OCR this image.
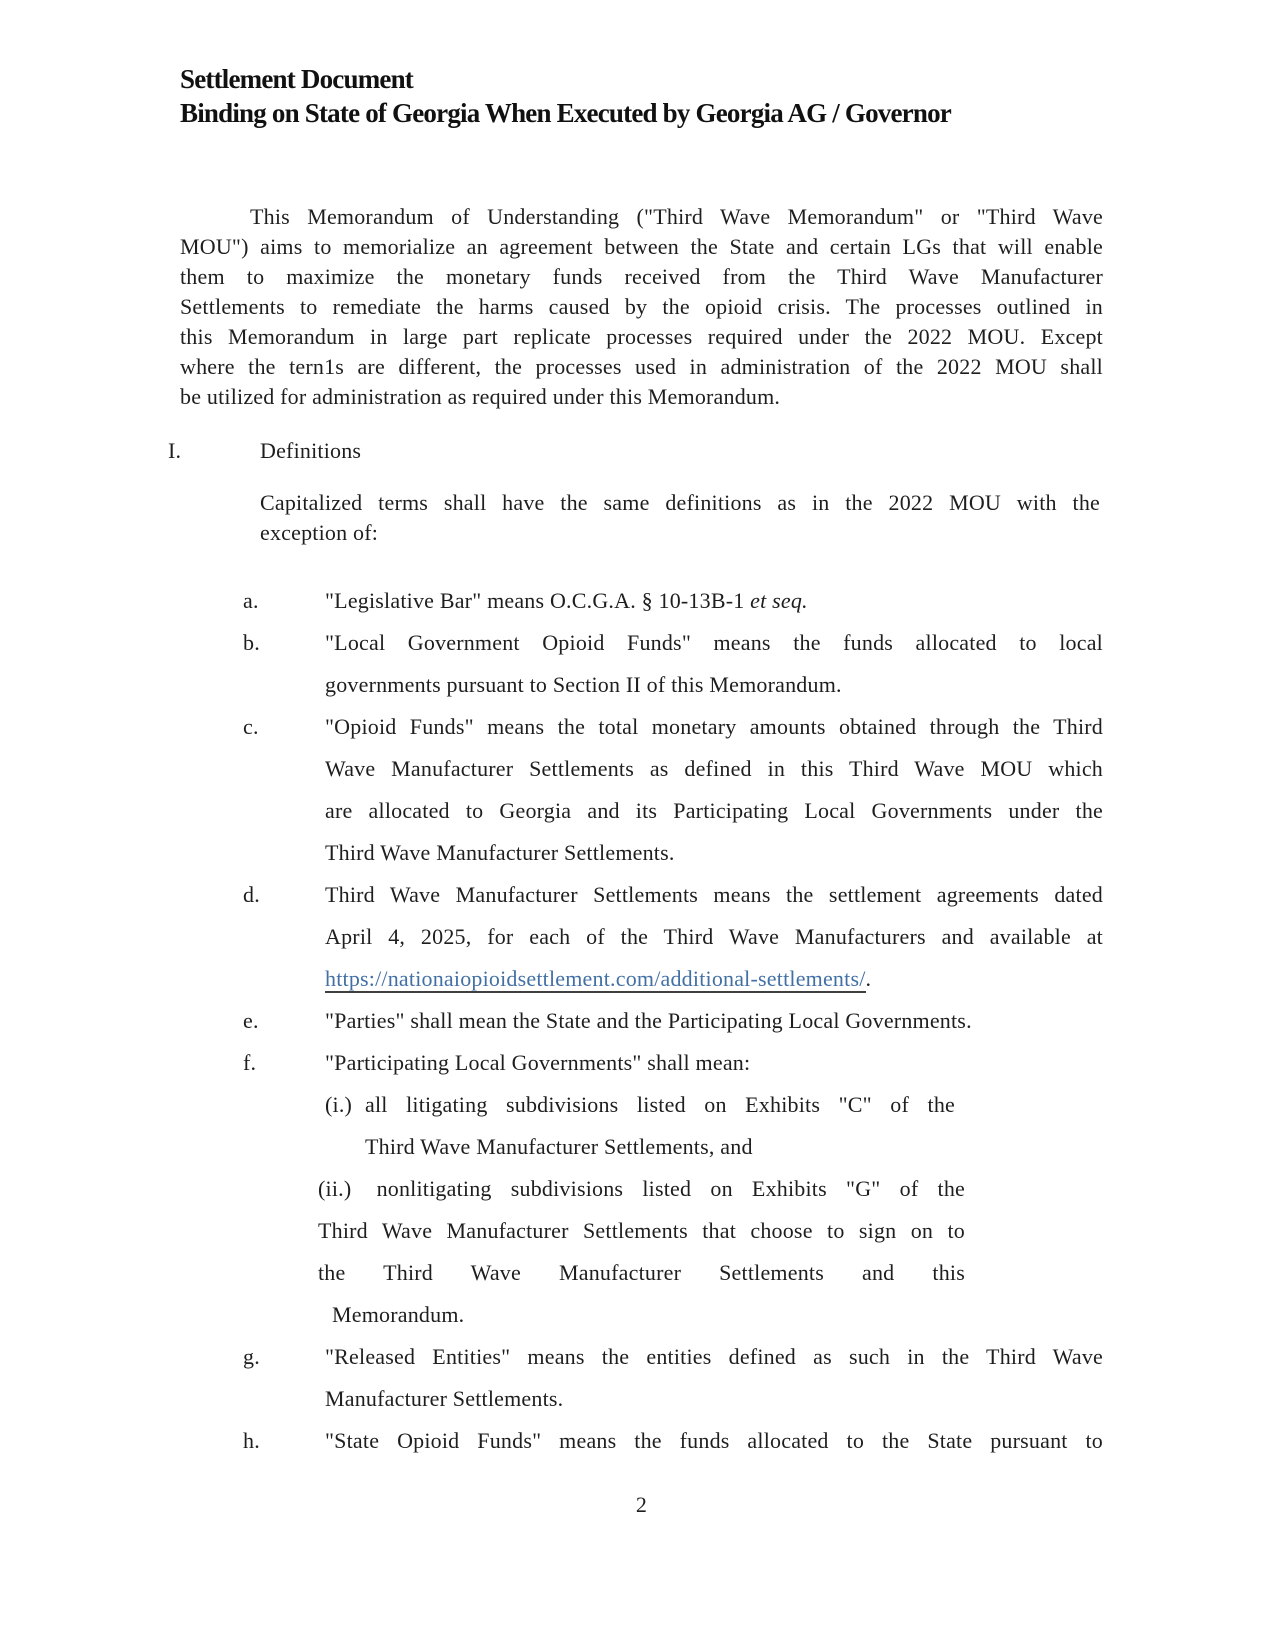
Settlement Document
Binding on State of Georgia When Executed by Georgia AG / Governor
This Memorandum of Understanding ("Third Wave Memorandum" or "Third Wave
MOU") aims to memorialize an agreement between the State and certain LGs that will enable
them to maximize the monetary funds received from the Third Wave Manufacturer
Settlements to remediate the harms caused by the opioid crisis. The processes outlined in
this Memorandum in large part replicate processes required under the 2022 MOU. Except
where the tern1s are different, the processes used in administration of the 2022 MOU shall
be utilized for administration as required under this Memorandum.
I.	Definitions
Capitalized terms shall have the same definitions as in the 2022 MOU with the
exception of:
a.	"Legislative Bar" means O.C.G.A. § 10-13B-1 et seq.
b.	"Local Government Opioid Funds" means the funds allocated to local
governments pursuant to Section II of this Memorandum.
c.	"Opioid Funds" means the total monetary amounts obtained through the Third
Wave Manufacturer Settlements as defined in this Third Wave MOU which
are allocated to Georgia and its Participating Local Governments under the
Third Wave Manufacturer Settlements.
d.	Third Wave Manufacturer Settlements means the settlement agreements dated
April 4, 2025, for each of the Third Wave Manufacturers and available at
https://nationaiopioidsettlement.com/additional-settlements/.
e.	"Parties" shall mean the State and the Participating Local Governments.
f.	"Participating Local Governments" shall mean:
(i.) all litigating subdivisions listed on Exhibits "C" of the
Third Wave Manufacturer Settlements, and
(ii.) nonlitigating subdivisions listed on Exhibits "G" of the
Third Wave Manufacturer Settlements that choose to sign on to
the Third Wave Manufacturer Settlements and this
Memorandum.
g.	"Released Entities" means the entities defined as such in the Third Wave
Manufacturer Settlements.
h.	"State Opioid Funds" means the funds allocated to the State pursuant to
2
